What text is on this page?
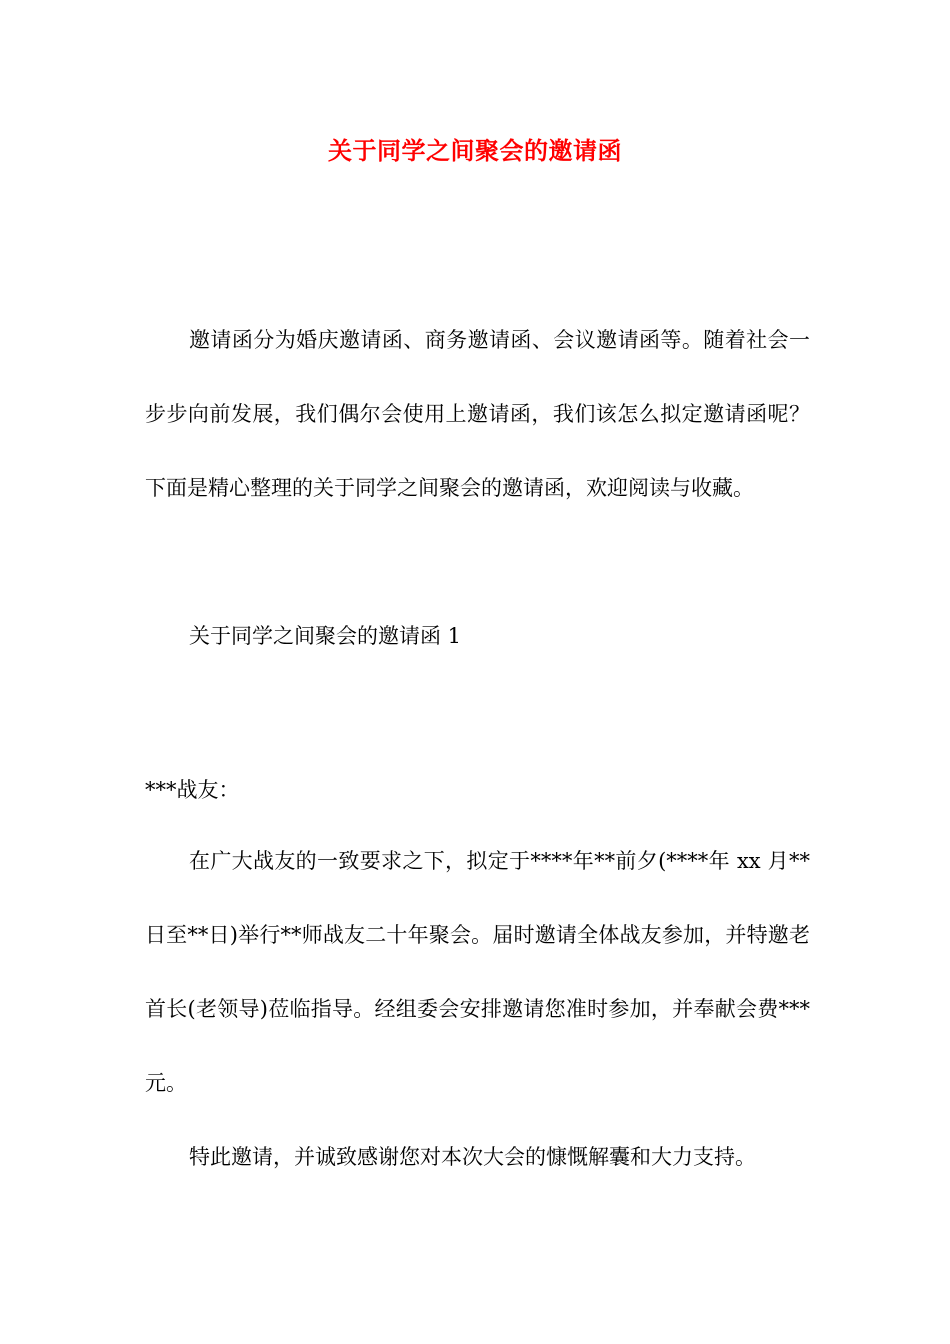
关于同学之间聚会的邀请函

邀请函分为婚庆邀请函、商务邀请函、会议邀请函等。随着社会一步步向前发展，我们偶尔会使用上邀请函，我们该怎么拟定邀请函呢？下面是精心整理的关于同学之间聚会的邀请函，欢迎阅读与收藏。

关于同学之间聚会的邀请函 1

***战友：

在广大战友的一致要求之下，拟定于****年**前夕(****年 xx 月**日至**日)举行**师战友二十年聚会。届时邀请全体战友参加，并特邀老首长(老领导)莅临指导。经组委会安排邀请您准时参加，并奉献会费***元。

特此邀请，并诚致感谢您对本次大会的慷慨解囊和大力支持。
